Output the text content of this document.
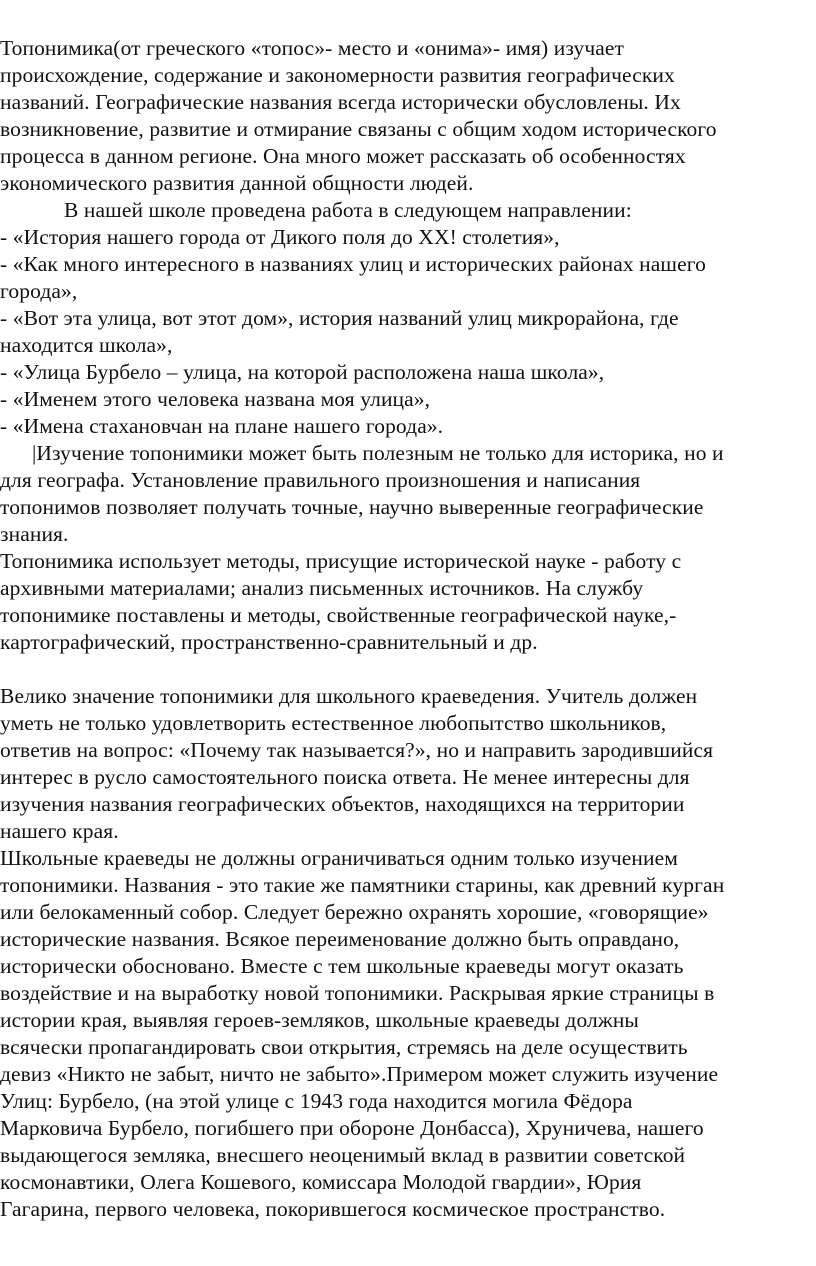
Топонимика(от греческого «топос»- место и «онима»- имя) изучает
происхождение, содержание и закономерности развития географических
названий. Географические названия всегда исторически обусловлены. Их
возникновение, развитие и отмирание связаны с общим ходом исторического
процесса в данном регионе. Она много может рассказать об особенностях
экономического развития данной общности людей.
В нашей школе проведена работа в следующем направлении:
- «История нашего города от Дикого поля до ХХ! столетия»,
- «Как много интересного в названиях улиц и исторических районах нашего
города»,
- «Вот эта улица, вот этот дом», история названий улиц микрорайона, где
находится школа»,
- «Улица Бурбело – улица, на которой расположена наша школа»,
- «Именем этого человека названа моя улица»,
- «Имена стахановчан на плане нашего города».
|Изучение топонимики может быть полезным не только для историка, но и
для географа. Установление правильного произношения и написания
топонимов позволяет получать точные, научно выверенные географические
знания.
Топонимика использует методы, присущие исторической науке - работу с
архивными материалами; анализ письменных источников. На службу
топонимике поставлены и методы, свойственные географической науке,-
картографический, пространственно-сравнительный и др.
Велико значение топонимики для школьного краеведения. Учитель должен
уметь не только удовлетворить естественное любопытство школьников,
ответив на вопрос: «Почему так называется?», но и направить зародившийся
интерес в русло самостоятельного поиска ответа. Не менее интересны для
изучения названия географических объектов, находящихся на территории
нашего края.
Школьные краеведы не должны ограничиваться одним только изучением
топонимики. Названия - это такие же памятники старины, как древний курган
или белокаменный собор. Следует бережно охранять хорошие, «говорящие»
исторические названия. Всякое переименование должно быть оправдано,
исторически обосновано. Вместе с тем школьные краеведы могут оказать
воздействие и на выработку новой топонимики. Раскрывая яркие страницы в
истории края, выявляя героев-земляков, школьные краеведы должны
всячески пропагандировать свои открытия, стремясь на деле осуществить
девиз «Никто не забыт, ничто не забыто».Примером может служить изучение
Улиц: Бурбело, (на этой улице с 1943 года находится могила Фёдора
Марковича Бурбело, погибшего при обороне Донбасса), Хруничева, нашего
выдающегося земляка, внесшего неоценимый вклад в развитии советской
космонавтики, Олега Кошевого, комиссара Молодой гвардии», Юрия
Гагарина, первого человека, покорившегося космическое пространство.
